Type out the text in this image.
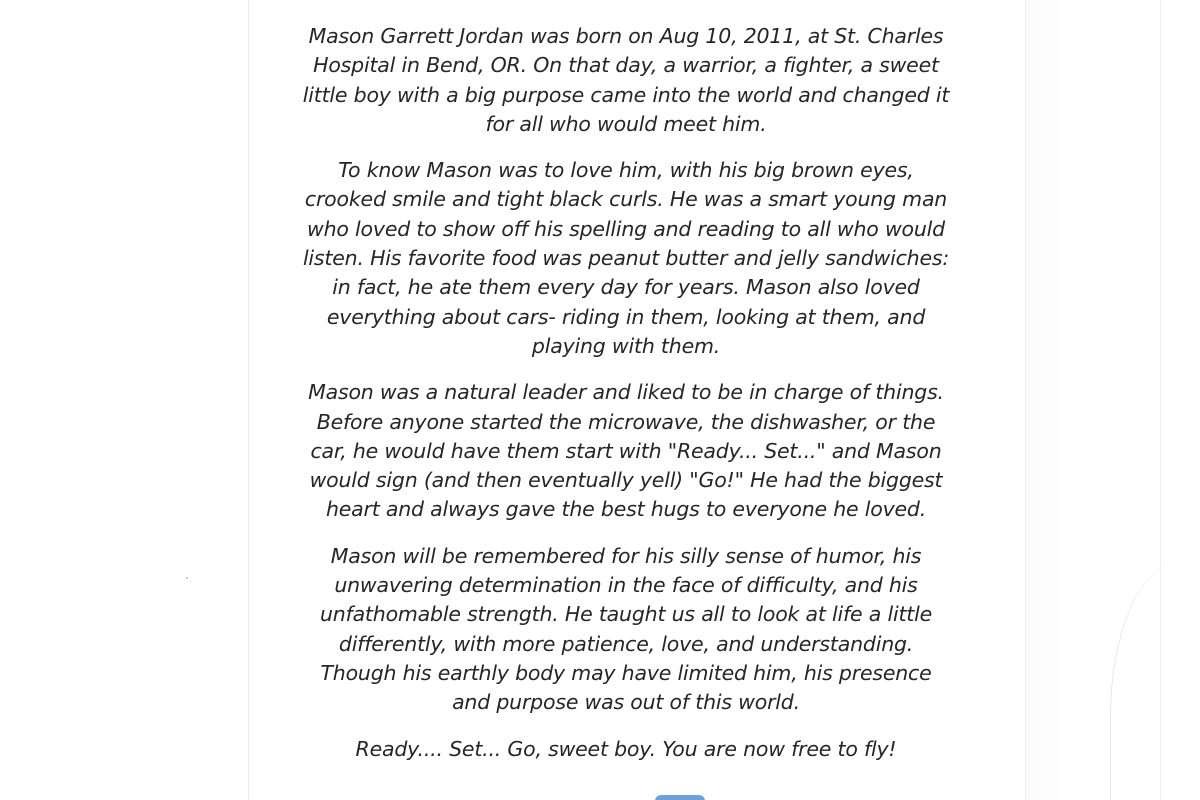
Mason Garrett Jordan was born on Aug 10, 2011, at St. Charles Hospital in Bend, OR. On that day, a warrior, a fighter, a sweet little boy with a big purpose came into the world and changed it for all who would meet him.

To know Mason was to love him, with his big brown eyes, crooked smile and tight black curls. He was a smart young man who loved to show off his spelling and reading to all who would listen. His favorite food was peanut butter and jelly sandwiches: in fact, he ate them every day for years. Mason also loved everything about cars- riding in them, looking at them, and playing with them.

Mason was a natural leader and liked to be in charge of things. Before anyone started the microwave, the dishwasher, or the car, he would have them start with "Ready... Set..." and Mason would sign (and then eventually yell) "Go!" He had the biggest heart and always gave the best hugs to everyone he loved.

Mason will be remembered for his silly sense of humor, his unwavering determination in the face of difficulty, and his unfathomable strength. He taught us all to look at life a little differently, with more patience, love, and understanding. Though his earthly body may have limited him, his presence and purpose was out of this world.

Ready.... Set... Go, sweet boy. You are now free to fly!
